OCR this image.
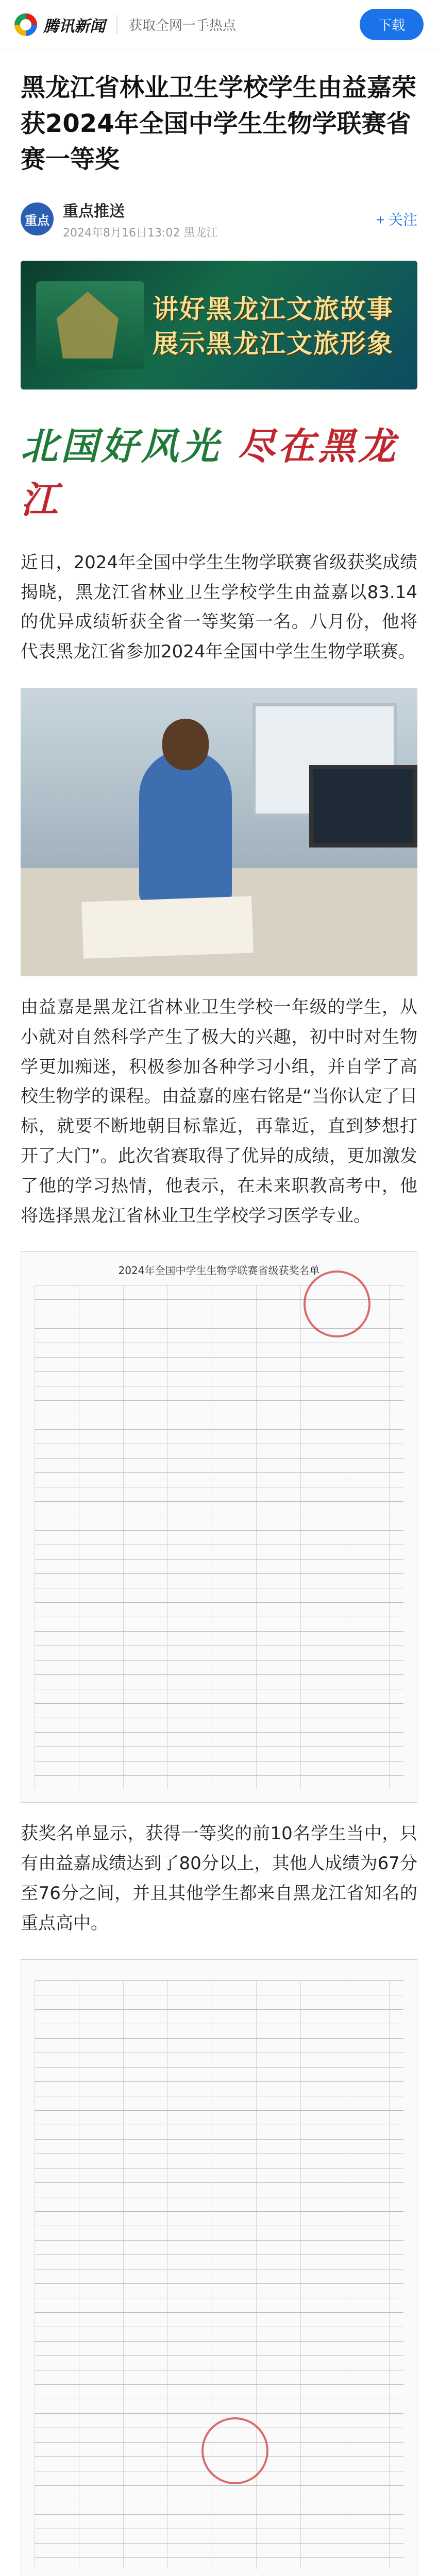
腾讯新闻	获取全网一手热点	下载
黑龙江省林业卫生学校学生由益嘉荣获2024年全国中学生生物学联赛省赛一等奖
重点 重点推送
2024年8月16日13:02 黑龙江
+ 关注
讲好黑龙江文旅故事
展示黑龙江文旅形象
北国好风光 尽在黑龙江

近日，2024年全国中学生生物学联赛省级获奖成绩揭晓，黑龙江省林业卫生学校学生由益嘉以83.14的优异成绩斩获全省一等奖第一名。八月份，他将代表黑龙江省参加2024年全国中学生生物学联赛。

由益嘉是黑龙江省林业卫生学校一年级的学生，从小就对自然科学产生了极大的兴趣，初中时对生物学更加痴迷，积极参加各种学习小组，并自学了高校生物学的课程。由益嘉的座右铭是“当你认定了目标，就要不断地朝目标靠近，再靠近，直到梦想打开了大门”。此次省赛取得了优异的成绩，更加激发了他的学习热情，他表示，在未来职教高考中，他将选择黑龙江省林业卫生学校学习医学专业。

2024年全国中学生生物学联赛省级获奖名单

获奖名单显示，获得一等奖的前10名学生当中，只有由益嘉成绩达到了80分以上，其他人成绩为67分至76分之间，并且其他学生都来自黑龙江省知名的重点高中。
